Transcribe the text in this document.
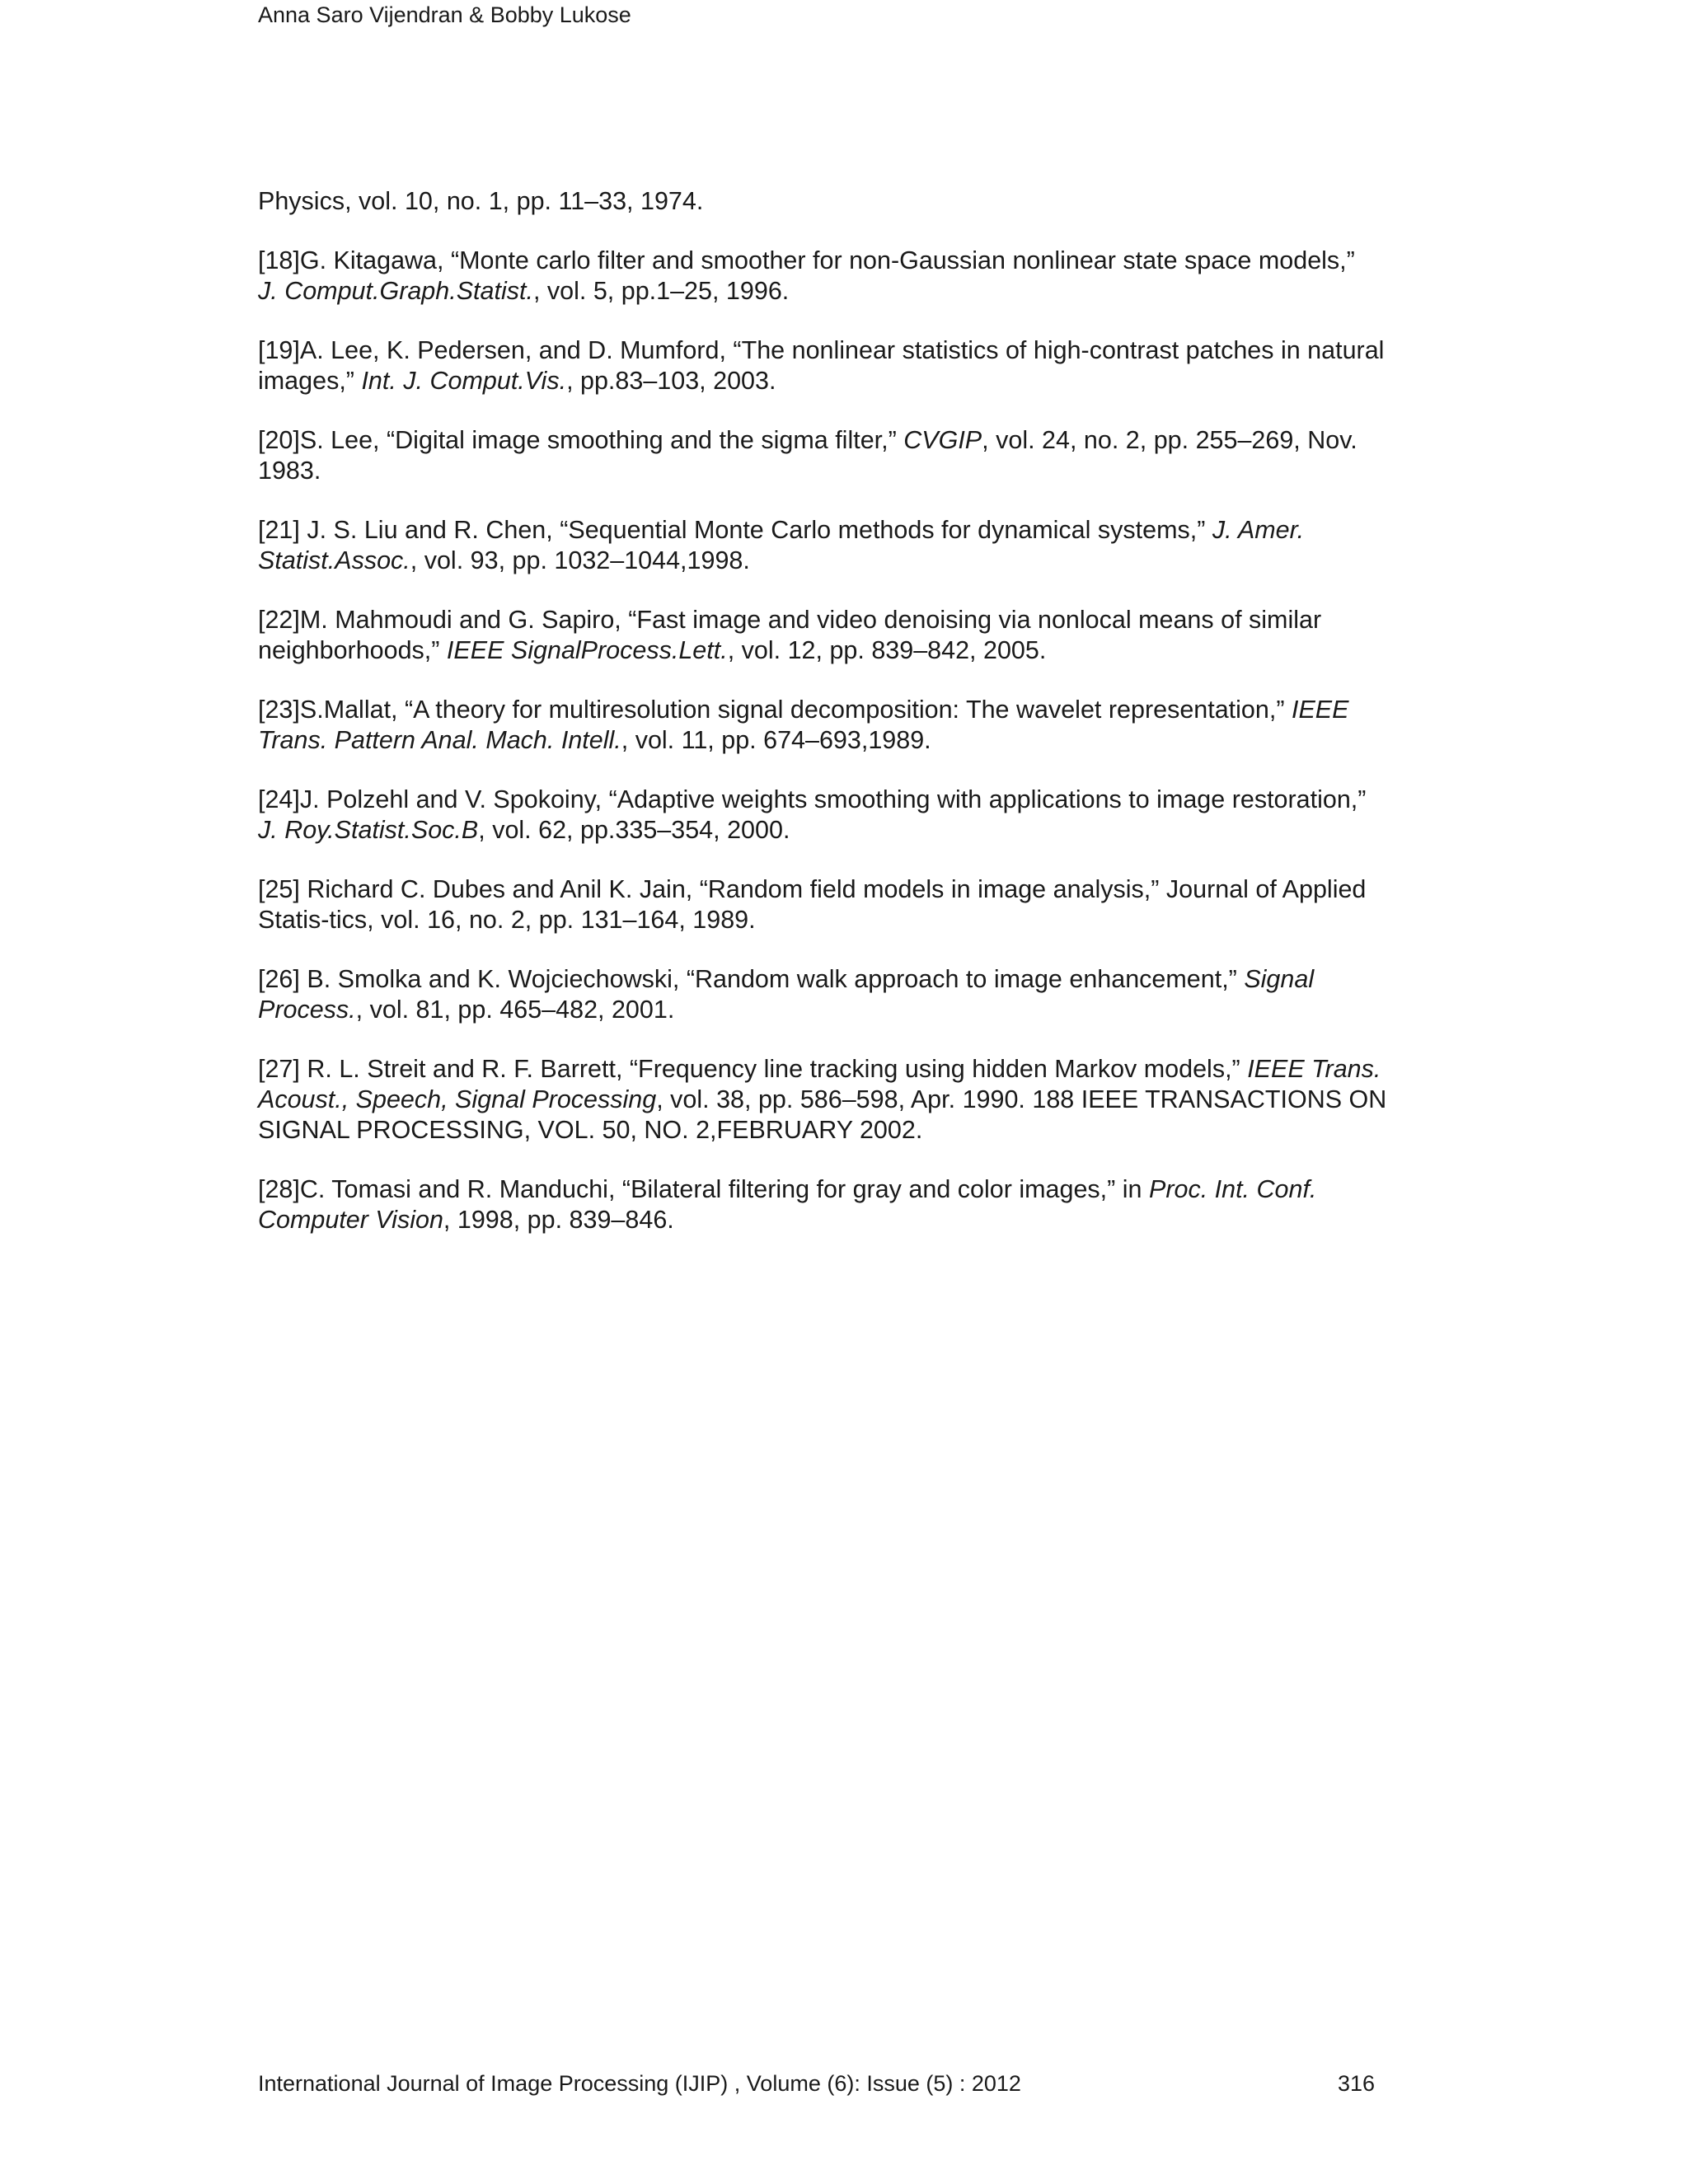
Anna Saro Vijendran & Bobby Lukose
Physics, vol. 10, no. 1, pp. 11–33, 1974.
[18]G. Kitagawa, “Monte carlo filter and smoother for non-Gaussian nonlinear state space models,”
J. Comput.Graph.Statist., vol. 5, pp.1–25, 1996.
[19]A. Lee, K. Pedersen, and D. Mumford, “The nonlinear statistics of high-contrast patches in natural
images,” Int. J. Comput.Vis., pp.83–103, 2003.
[20]S. Lee, “Digital image smoothing and the sigma filter,” CVGIP, vol. 24, no. 2, pp. 255–269, Nov.
1983.
[21] J. S. Liu and R. Chen, “Sequential Monte Carlo methods for dynamical systems,” J. Amer.
Statist.Assoc., vol. 93, pp. 1032–1044,1998.
[22]M. Mahmoudi and G. Sapiro, “Fast image and video denoising via nonlocal means of similar
neighborhoods,” IEEE SignalProcess.Lett., vol. 12, pp. 839–842, 2005.
[23]S.Mallat, “A theory for multiresolution signal decomposition: The wavelet representation,” IEEE
Trans. Pattern Anal. Mach. Intell., vol. 11, pp. 674–693,1989.
[24]J. Polzehl and V. Spokoiny, “Adaptive weights smoothing with applications to image restoration,”
J. Roy.Statist.Soc.B, vol. 62, pp.335–354, 2000.
[25] Richard C. Dubes and Anil K. Jain, “Random field models in image analysis,” Journal of Applied
Statis-tics, vol. 16, no. 2, pp. 131–164, 1989.
[26] B. Smolka and K. Wojciechowski, “Random walk approach to image enhancement,” Signal
Process., vol. 81, pp. 465–482, 2001.
[27] R. L. Streit and R. F. Barrett, “Frequency line tracking using hidden Markov models,” IEEE Trans.
Acoust., Speech, Signal Processing, vol. 38, pp. 586–598, Apr. 1990. 188 IEEE TRANSACTIONS ON
SIGNAL PROCESSING, VOL. 50, NO. 2,FEBRUARY 2002.
[28]C. Tomasi and R. Manduchi, “Bilateral filtering for gray and color images,” in Proc. Int. Conf.
Computer Vision, 1998, pp. 839–846.
International Journal of Image Processing (IJIP) , Volume (6): Issue (5) : 2012	316
